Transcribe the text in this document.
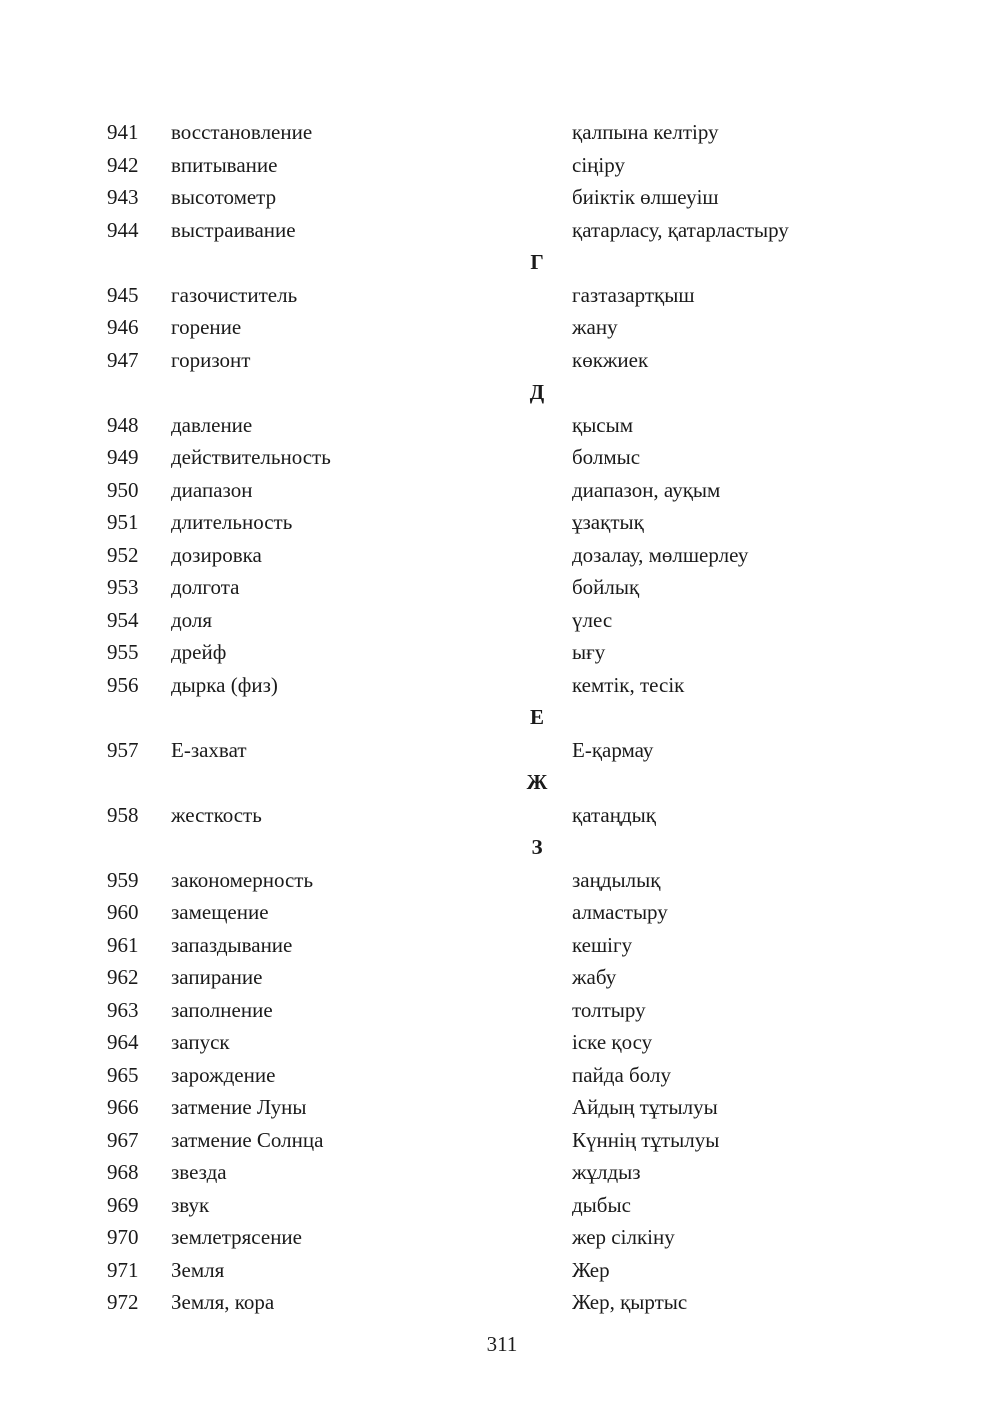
941 восстановление	қалпына келтіру
942 впитывание	сіңіру
943 высотометр	биіктік өлшеуіш
944 выстраивание	қатарласу, қатарластыру
Г
945 газочиститель	газтазартқыш
946 горение	жану
947 горизонт	көкжиек
Д
948 давление	қысым
949 действительность	болмыс
950 диапазон	диапазон, ауқым
951 длительность	ұзақтық
952 дозировка	дозалау, мөлшерлеу
953 долгота	бойлық
954 доля	үлес
955 дрейф	ығу
956 дырка (физ)	кемтік, тесік
Е
957 Е-захват	Е-қармау
Ж
958 жесткость	қатаңдық
З
959 закономерность	заңдылық
960 замещение	алмастыру
961 запаздывание	кешігу
962 запирание	жабу
963 заполнение	толтыру
964 запуск	іске қосу
965 зарождение	пайда болу
966 затмение Луны	Айдың тұтылуы
967 затмение Солнца	Күннің тұтылуы
968 звезда	жұлдыз
969 звук	дыбыс
970 землетрясение	жер сілкіну
971 Земля	Жер
972 Земля, кора	Жер, қыртыс
311
